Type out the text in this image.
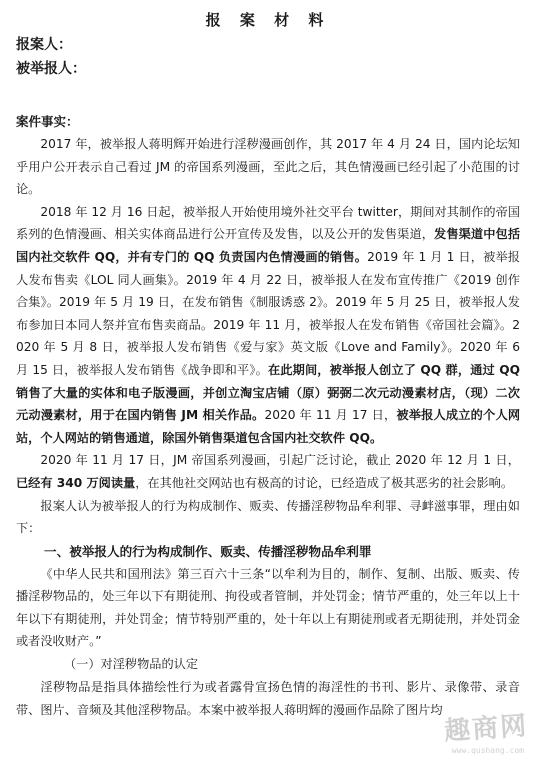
报 案 材 料
报案人：
被举报人：
案件事实：

2017 年，被举报人蒋明辉开始进行淫秽漫画创作，其 2017 年 4 月 24 日，国内论坛知乎用户公开表示自己看过 JM 的帝国系列漫画，至此之后，其色情漫画已经引起了小范围的讨论。

2018 年 12 月 16 日起，被举报人开始使用境外社交平台 twitter，期间对其制作的帝国系列的色情漫画、相关实体商品进行公开宣传及发售，以及公开的发售渠道，发售渠道中包括国内社交软件 QQ，并有专门的 QQ 负责国内色情漫画的销售。2019 年 1 月 1 日，被举报人发布售卖《LOL 同人画集》。2019 年 4 月 22 日，被举报人在发布宣传推广《2019 创作合集》。2019 年 5 月 19 日，在发布销售《制服诱惑 2》。2019 年 5 月 25 日，被举报人发布参加日本同人祭并宣布售卖商品。2019 年 11 月，被举报人在发布销售《帝国社会篇》。2020 年 5 月 8 日，被举报人发布销售《爱与家》英文版《Love and Family》。2020 年 6 月 15 日，被举报人发布销售《战争即和平》。在此期间，被举报人创立了 QQ 群，通过 QQ 销售了大量的实体和电子版漫画，并创立淘宝店铺（原）弼弼二次元动漫素材店，（现）二次元动漫素材，用于在国内销售 JM 相关作品。2020 年 11 月 17 日，被举报人成立的个人网站，个人网站的销售通道，除国外销售渠道包含国内社交软件 QQ。

2020 年 11 月 17 日，JM 帝国系列漫画，引起广泛讨论，截止 2020 年 12 月 1 日，已经有 340 万阅读量，在其他社交网站也有极高的讨论，已经造成了极其恶劣的社会影响。

报案人认为被举报人的行为构成制作、贩卖、传播淫秽物品牟利罪、寻衅滋事罪，理由如下：

一、被举报人的行为构成制作、贩卖、传播淫秽物品牟利罪

《中华人民共和国刑法》第三百六十三条“以牟利为目的，制作、复制、出版、贩卖、传播淫秽物品的，处三年以下有期徒刑、拘役或者管制，并处罚金；情节严重的，处三年以上十年以下有期徒刑，并处罚金；情节特别严重的，处十年以上有期徒刑或者无期徒刑，并处罚金或者没收财产。”

（一）对淫秽物品的认定

淫秽物品是指具体描绘性行为或者露骨宣扬色情的海淫性的书刊、影片、录像带、录音带、图片、音频及其他淫秽物品。本案中被举报人蒋明辉的漫画作品除了图片均

趣商网
www.qushang.com
